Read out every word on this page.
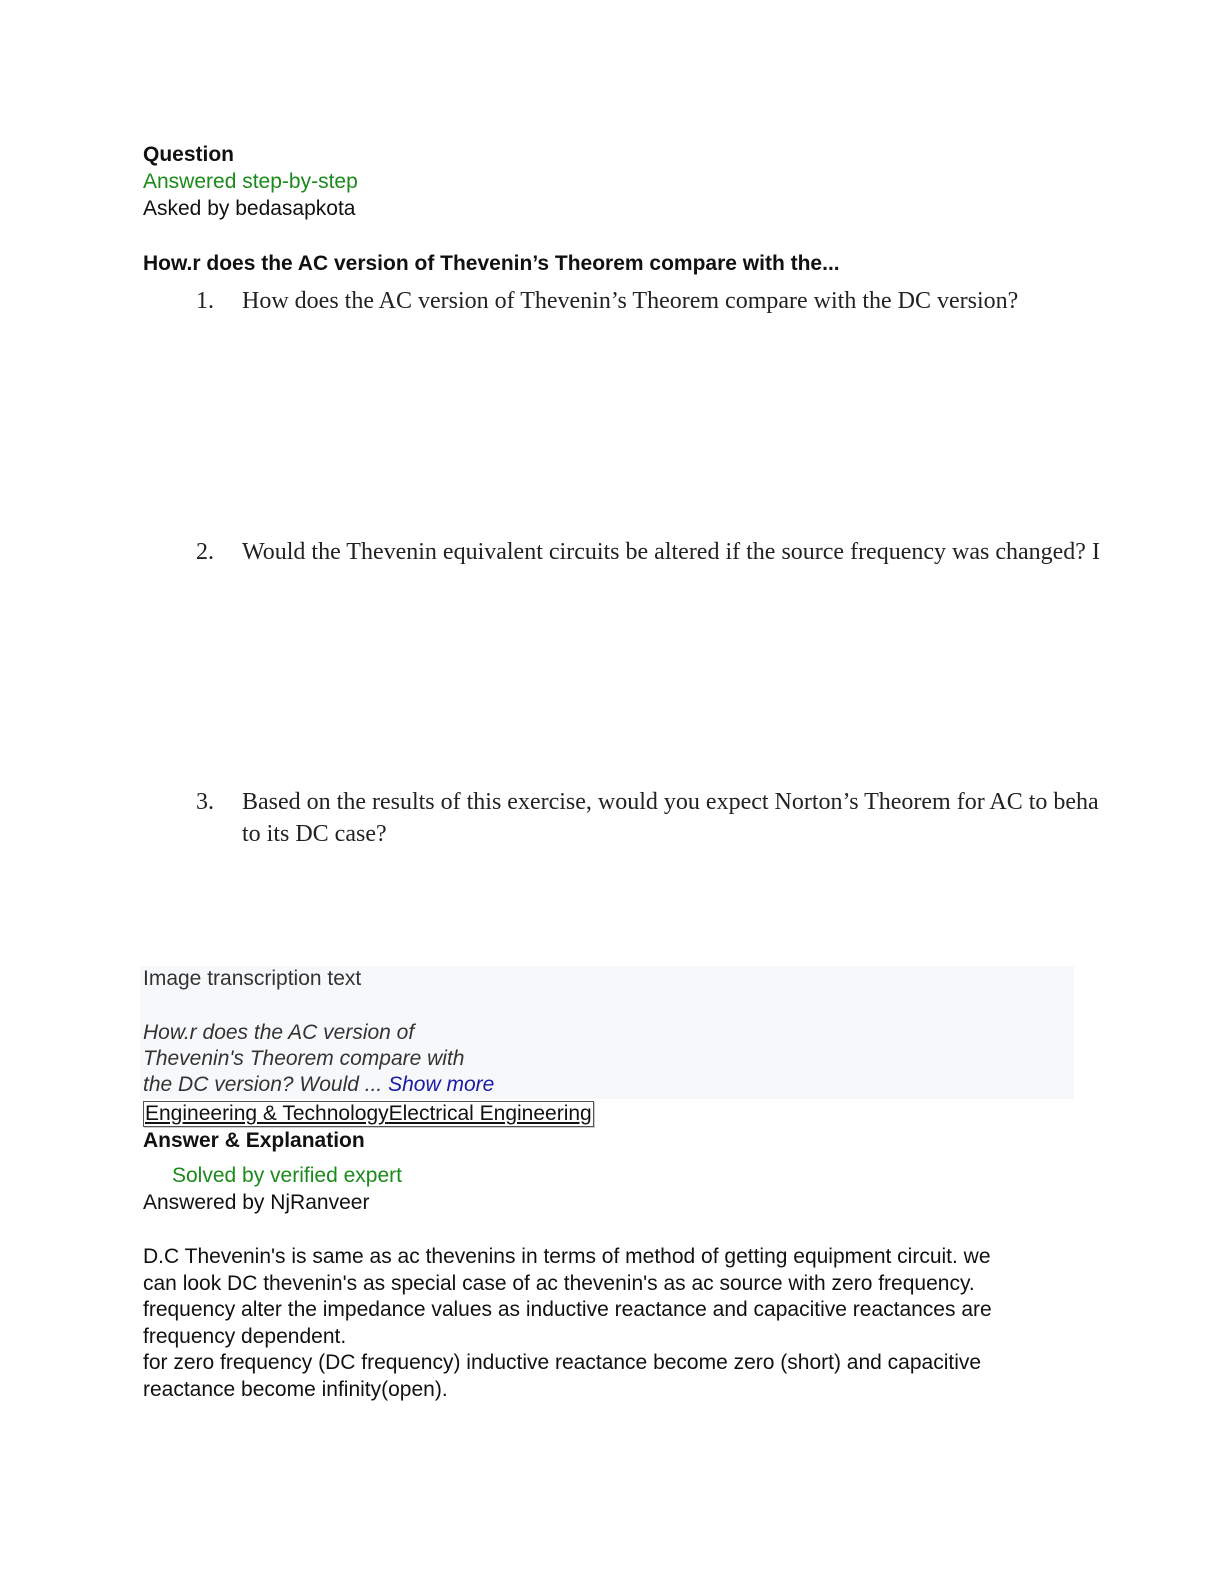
Question
Answered step-by-step
Asked by bedasapkota
How.r does the AC version of Thevenin’s Theorem compare with the...
1. How does the AC version of Thevenin’s Theorem compare with the DC version?
2. Would the Thevenin equivalent circuits be altered if the source frequency was changed? I
3. Based on the results of this exercise, would you expect Norton’s Theorem for AC to beha
to its DC case?
Image transcription text
How.r does the AC version of
Thevenin's Theorem compare with
the DC version? Would ... Show more
Engineering & TechnologyElectrical Engineering
Answer & Explanation
Solved by verified expert
Answered by NjRanveer

D.C Thevenin's is same as ac thevenins in terms of method of getting equipment circuit. we

can look DC thevenin's as special case of ac thevenin's as ac source with zero frequency.

frequency alter the impedance values as inductive reactance and capacitive reactances are

frequency dependent.

for zero frequency (DC frequency) inductive reactance become zero (short) and capacitive

reactance become infinity(open).
